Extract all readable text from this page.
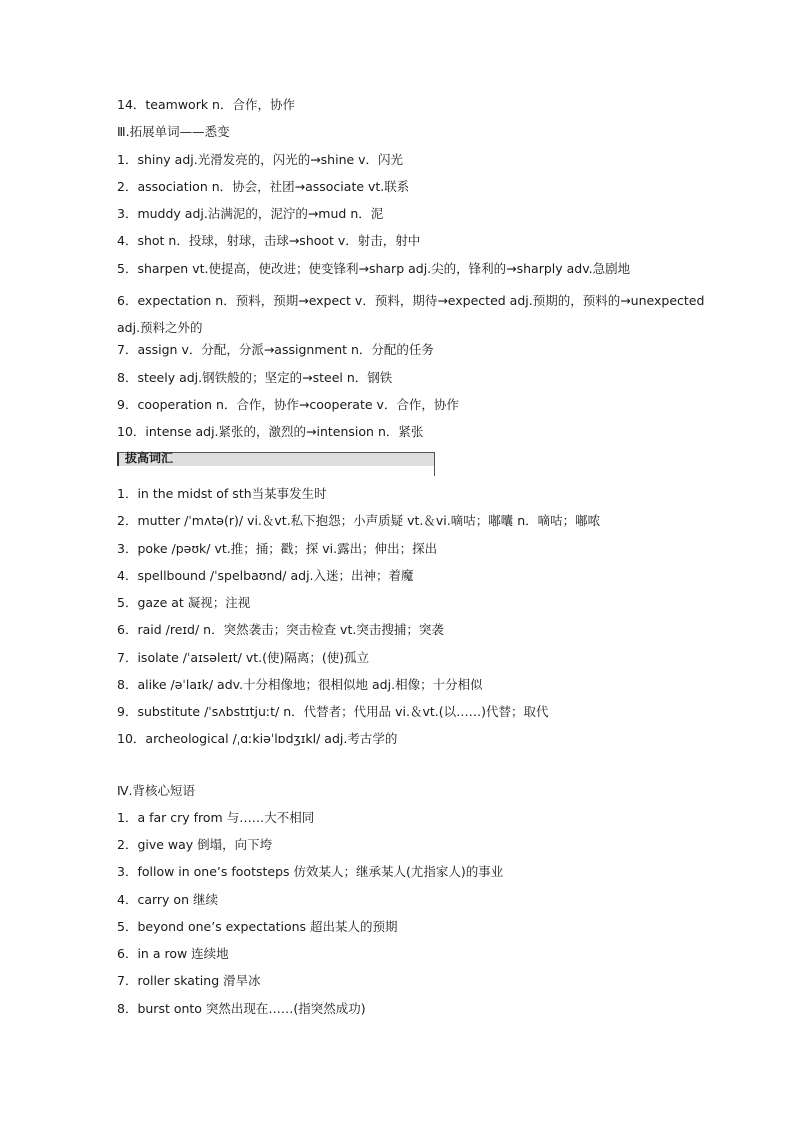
14．teamwork n．合作，协作
Ⅲ.拓展单词——悉变
1．shiny adj.光滑发亮的，闪光的→shine v．闪光
2．association n．协会，社团→associate vt.联系
3．muddy adj.沾满泥的，泥泞的→mud n．泥
4．shot n．投球，射球，击球→shoot v．射击，射中
5．sharpen vt.使提高，使改进；使变锋利→sharp adj.尖的，锋利的→sharply adv.急剧地
6．expectation n．预料，预期→expect v．预料，期待→expected adj.预期的，预料的→unexpected adj.预料之外的
7．assign v．分配，分派→assignment n．分配的任务
8．steely adj.钢铁般的；坚定的→steel n．钢铁
9．cooperation n．合作，协作→cooperate v．合作，协作
10．intense adj.紧张的，激烈的→intension n．紧张
拔高词汇
1．in the midst of sth当某事发生时
2．mutter /ˈmʌtə(r)/ vi.＆vt.私下抱怨；小声质疑 vt.＆vi.嘀咕；嘟囔 n．嘀咕；嘟哝
3．poke /pəʊk/ vt.推；捅；戳；探 vi.露出；伸出；探出
4．spellbound /ˈspelbaʊnd/ adj.入迷；出神；着魔
5．gaze at 凝视；注视
6．raid /reɪd/ n．突然袭击；突击检查 vt.突击搜捕；突袭
7．isolate /ˈaɪsəleɪt/ vt.(使)隔离；(使)孤立
8．alike /əˈlaɪk/ adv.十分相像地；很相似地 adj.相像；十分相似
9．substitute /ˈsʌbstɪtjuːt/ n．代替者；代用品 vi.＆vt.(以……)代替；取代
10．archeological /ˌɑːkiəˈlɒdʒɪkl/ adj.考古学的
Ⅳ.背核心短语
1．a far cry from 与……大不相同
2．give way 倒塌，向下垮
3．follow in one’s footsteps 仿效某人；继承某人(尤指家人)的事业
4．carry on 继续
5．beyond one’s expectations 超出某人的预期
6．in a row 连续地
7．roller skating 滑旱冰
8．burst onto 突然出现在……(指突然成功)
